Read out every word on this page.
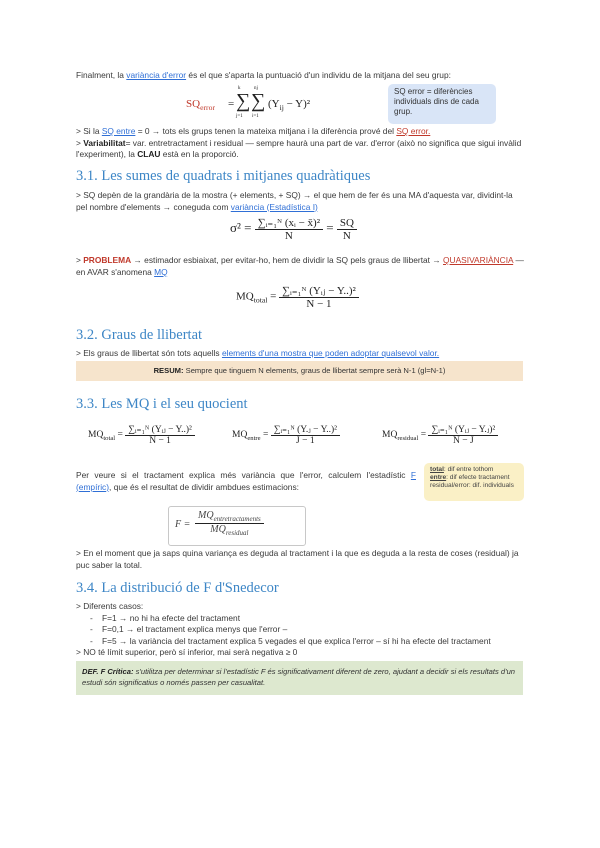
Finalment, la variància d'error és el que s'aparta la puntuació d'un individu de la mitjana del seu grup:
$SQ_{error}$ =
k
∑
j=1
nj
∑
i=1
$(Y_{ij} - Y)^2$
SQ error = diferències individuals dins de cada grup.
> Si la SQ entre = 0 → tots els grups tenen la mateixa mitjana i la diferència prové del SQ error.
> Variabilitat= var. entretractament i residual — sempre haurà una part de var. d'error (això no significa que sigui invàlid l'experiment), la CLAU està en la proporció.
3.1. Les sumes de quadrats i mitjanes quadràtiques
> SQ depèn de la grandària de la mostra (+ elements, + SQ) → el que hem de fer és una MA d'aquesta var, dividint-la pel nombre d'elements → coneguda com variància (Estadística I)
$\sigma^2 = \frac{\text{∑ᵢ₌₁ᴺ (xᵢ − x̄)²}}{N} = \frac{SQ}{N}$
> PROBLEMA → estimador esbiaixat, per evitar-ho, hem de dividir la SQ pels graus de llibertat → QUASIVARIÀNCIA — en AVAR s'anomena MQ
$MQ_{total} = \frac{\text{∑ᵢ₌₁ᴺ (Yᵢⱼ − Y..)²}}{N - 1}$
3.2. Graus de llibertat
> Els graus de llibertat són tots aquells elements d'una mostra que poden adoptar qualsevol valor.
RESUM: Sempre que tinguem N elements, graus de llibertat sempre serà N-1 (gl=N-1)
3.3. Les MQ i el seu quocient
$MQ_{total} = \frac{\text{∑ᵢ₌₁ᴺ (Yᵢⱼ − Y..)²}}{N - 1}$	$MQ_{entre} = \frac{\text{∑ᵢ₌₁ᴺ (Y.ⱼ − Y..)²}}{J - 1}$	$MQ_{residual} = \frac{\text{∑ᵢ₌₁ᴺ (Yᵢⱼ − Y.ⱼ)²}}{N - J}$
Per veure si el tractament explica més variància que l'error, calculem l'estadístic F (empíric), que és el resultat de dividir ambdues estimacions:
total: dif entre tothom
entre: dif efecte tractament
residual/error: dif. individuals
F =
$MQ_{entretractaments}$
$MQ_{residual}$
> En el moment que ja saps quina variança es deguda al tractament i la que es deguda a la resta de coses (residual) ja puc saber la total.
3.4. La distribució de F d'Snedecor
> Diferents casos:
- F=1 → no hi ha efecte del tractament
- F=0,1 → el tractament explica menys que l'error –
- F=5 → la variància del tractament explica 5 vegades el que explica l'error – sí hi ha efecte del tractament
> NO té límit superior, però sí inferior, mai serà negativa ≥ 0
DEF. F Crítica: s'utilitza per determinar si l'estadístic F és significativament diferent de zero, ajudant a decidir si els resultats d'un estudi són significatius o només passen per casualitat.
